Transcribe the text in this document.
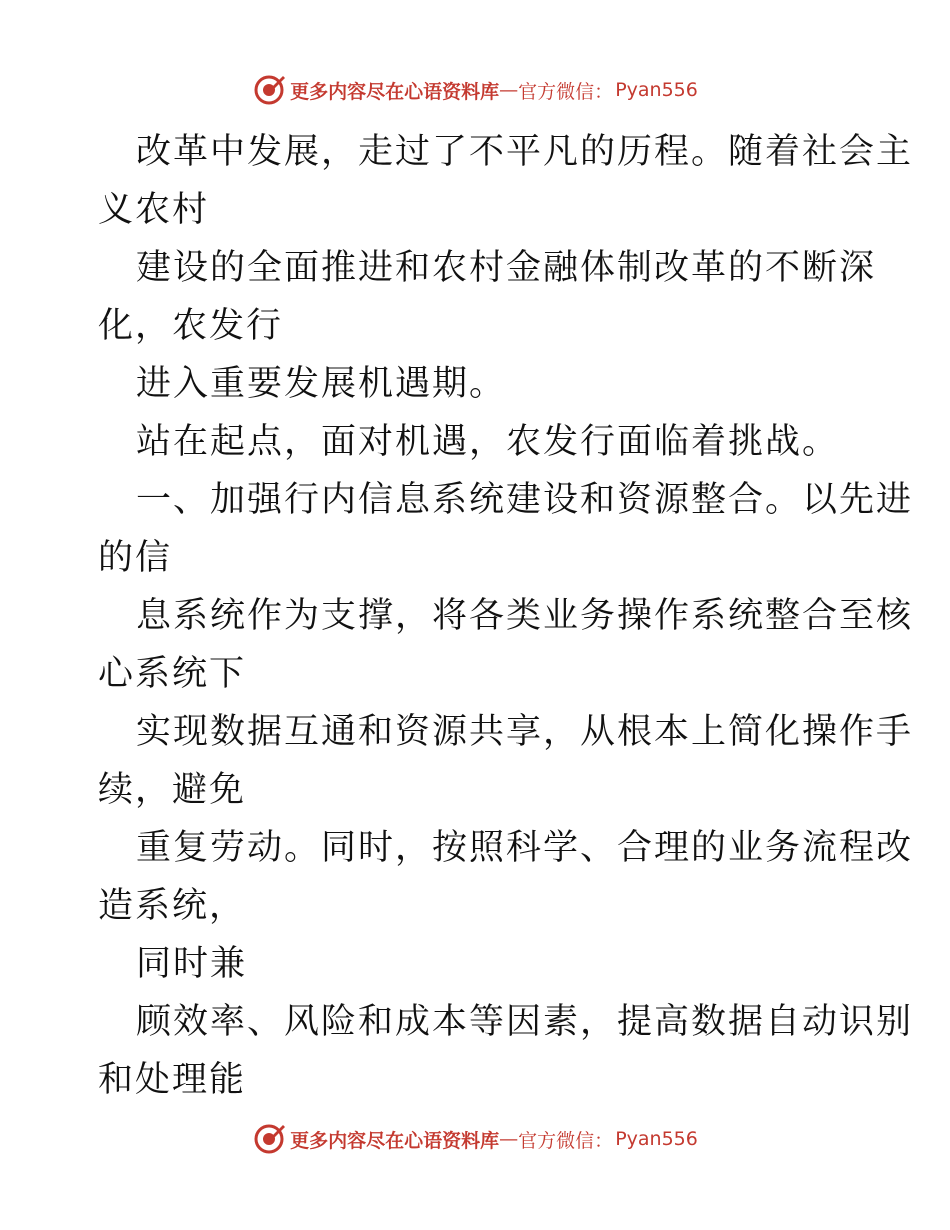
更多内容尽在心语资料库 — 官方微信： Pyan556
改革中发展，走过了不平凡的历程。随着社会主
义农村
建设的全面推进和农村金融体制改革的不断深
化，农发行
进入重要发展机遇期。
站在起点，面对机遇，农发行面临着挑战。
一、加强行内信息系统建设和资源整合。以先进
的信
息系统作为支撑，将各类业务操作系统整合至核
心系统下
实现数据互通和资源共享，从根本上简化操作手
续，避免
重复劳动。同时，按照科学、合理的业务流程改
造系统，
同时兼
顾效率、风险和成本等因素，提高数据自动识别
和处理能
更多内容尽在心语资料库 — 官方微信： Pyan556
